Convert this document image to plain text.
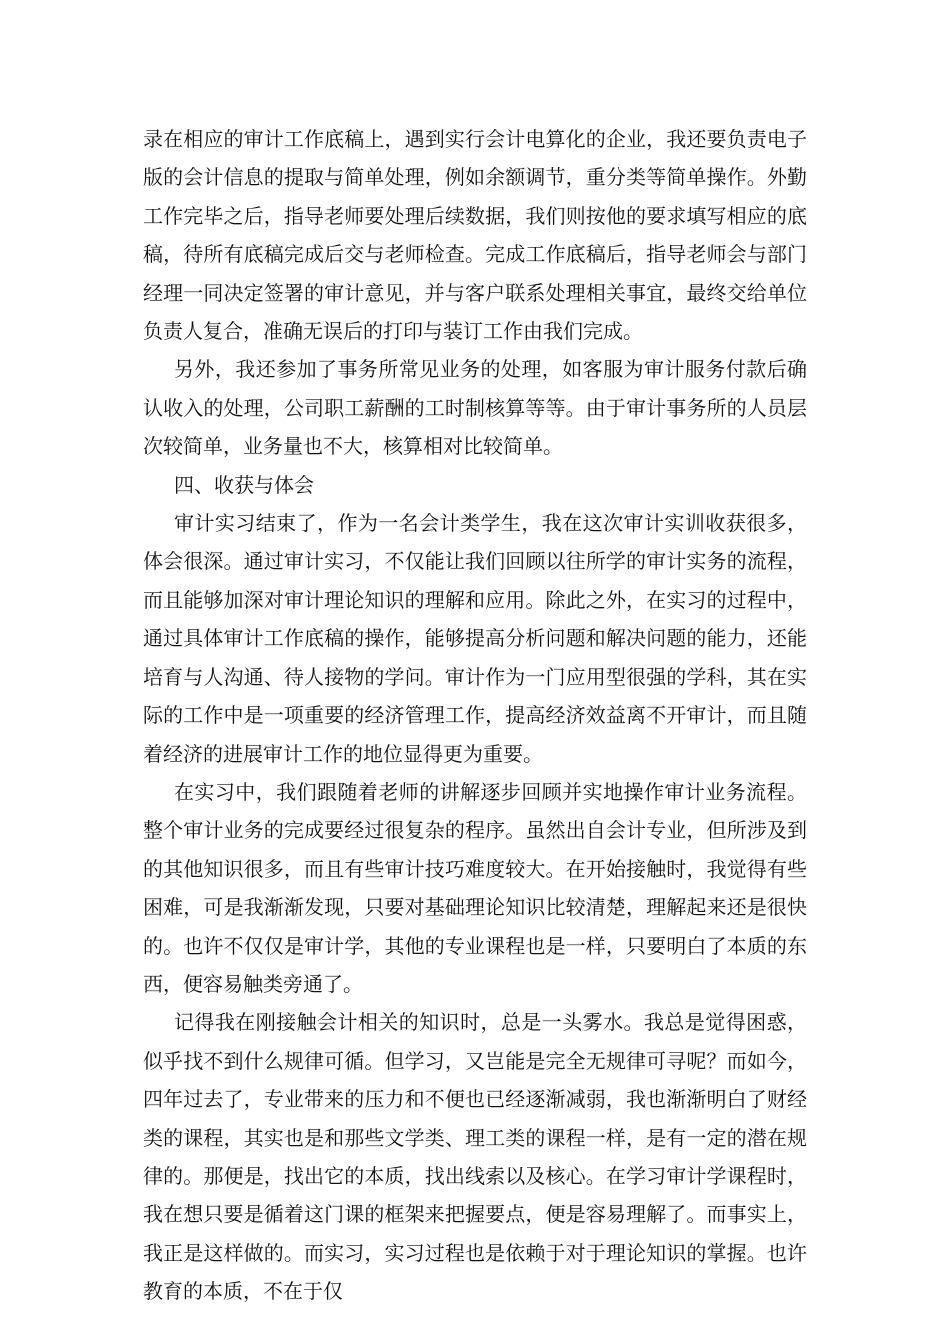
录在相应的审计工作底稿上，遇到实行会计电算化的企业，我还要负责电子版的会计信息的提取与简单处理，例如余额调节，重分类等简单操作。外勤工作完毕之后，指导老师要处理后续数据，我们则按他的要求填写相应的底稿，待所有底稿完成后交与老师检查。完成工作底稿后，指导老师会与部门经理一同决定签署的审计意见，并与客户联系处理相关事宜，最终交给单位负责人复合，准确无误后的打印与装订工作由我们完成。

另外，我还参加了事务所常见业务的处理，如客服为审计服务付款后确认收入的处理，公司职工薪酬的工时制核算等等。由于审计事务所的人员层次较简单，业务量也不大，核算相对比较简单。

四、收获与体会

审计实习结束了，作为一名会计类学生，我在这次审计实训收获很多，体会很深。通过审计实习，不仅能让我们回顾以往所学的审计实务的流程，而且能够加深对审计理论知识的理解和应用。除此之外，在实习的过程中，通过具体审计工作底稿的操作，能够提高分析问题和解决问题的能力，还能培育与人沟通、待人接物的学问。审计作为一门应用型很强的学科，其在实际的工作中是一项重要的经济管理工作，提高经济效益离不开审计，而且随着经济的进展审计工作的地位显得更为重要。

在实习中，我们跟随着老师的讲解逐步回顾并实地操作审计业务流程。整个审计业务的完成要经过很复杂的程序。虽然出自会计专业，但所涉及到的其他知识很多，而且有些审计技巧难度较大。在开始接触时，我觉得有些困难，可是我渐渐发现，只要对基础理论知识比较清楚，理解起来还是很快的。也许不仅仅是审计学，其他的专业课程也是一样，只要明白了本质的东西，便容易触类旁通了。

记得我在刚接触会计相关的知识时，总是一头雾水。我总是觉得困惑，似乎找不到什么规律可循。但学习，又岂能是完全无规律可寻呢？而如今，四年过去了，专业带来的压力和不便也已经逐渐减弱，我也渐渐明白了财经类的课程，其实也是和那些文学类、理工类的课程一样，是有一定的潜在规律的。那便是，找出它的本质，找出线索以及核心。在学习审计学课程时，我在想只要是循着这门课的框架来把握要点，便是容易理解了。而事实上，我正是这样做的。而实习，实习过程也是依赖于对于理论知识的掌握。也许教育的本质，不在于仅
